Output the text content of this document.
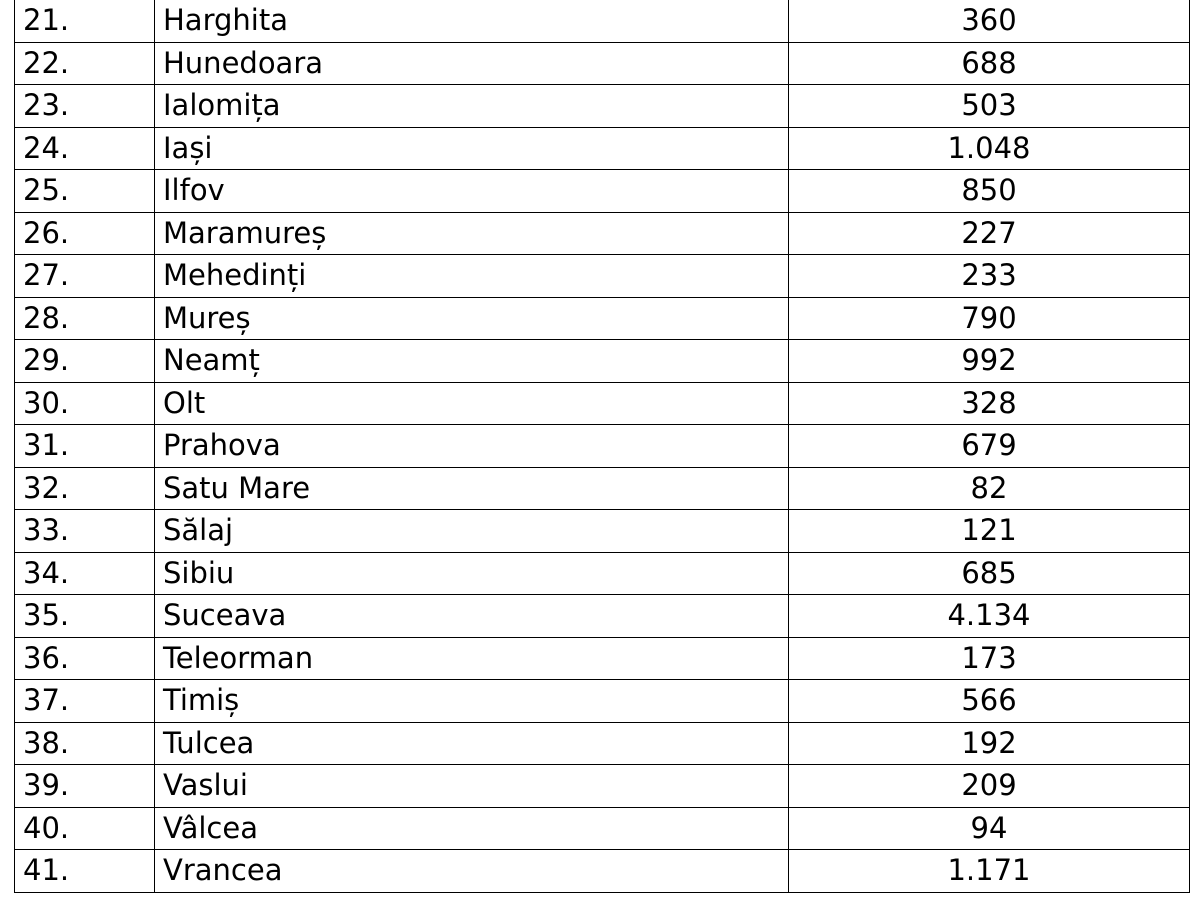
21.	Harghita	360
22.	Hunedoara	688
23.	Ialomița	503
24.	Iași	1.048
25.	Ilfov	850
26.	Maramureș	227
27.	Mehedinți	233
28.	Mureș	790
29.	Neamț	992
30.	Olt	328
31.	Prahova	679
32.	Satu Mare	82
33.	Sălaj	121
34.	Sibiu	685
35.	Suceava	4.134
36.	Teleorman	173
37.	Timiș	566
38.	Tulcea	192
39.	Vaslui	209
40.	Vâlcea	94
41.	Vrancea	1.171
